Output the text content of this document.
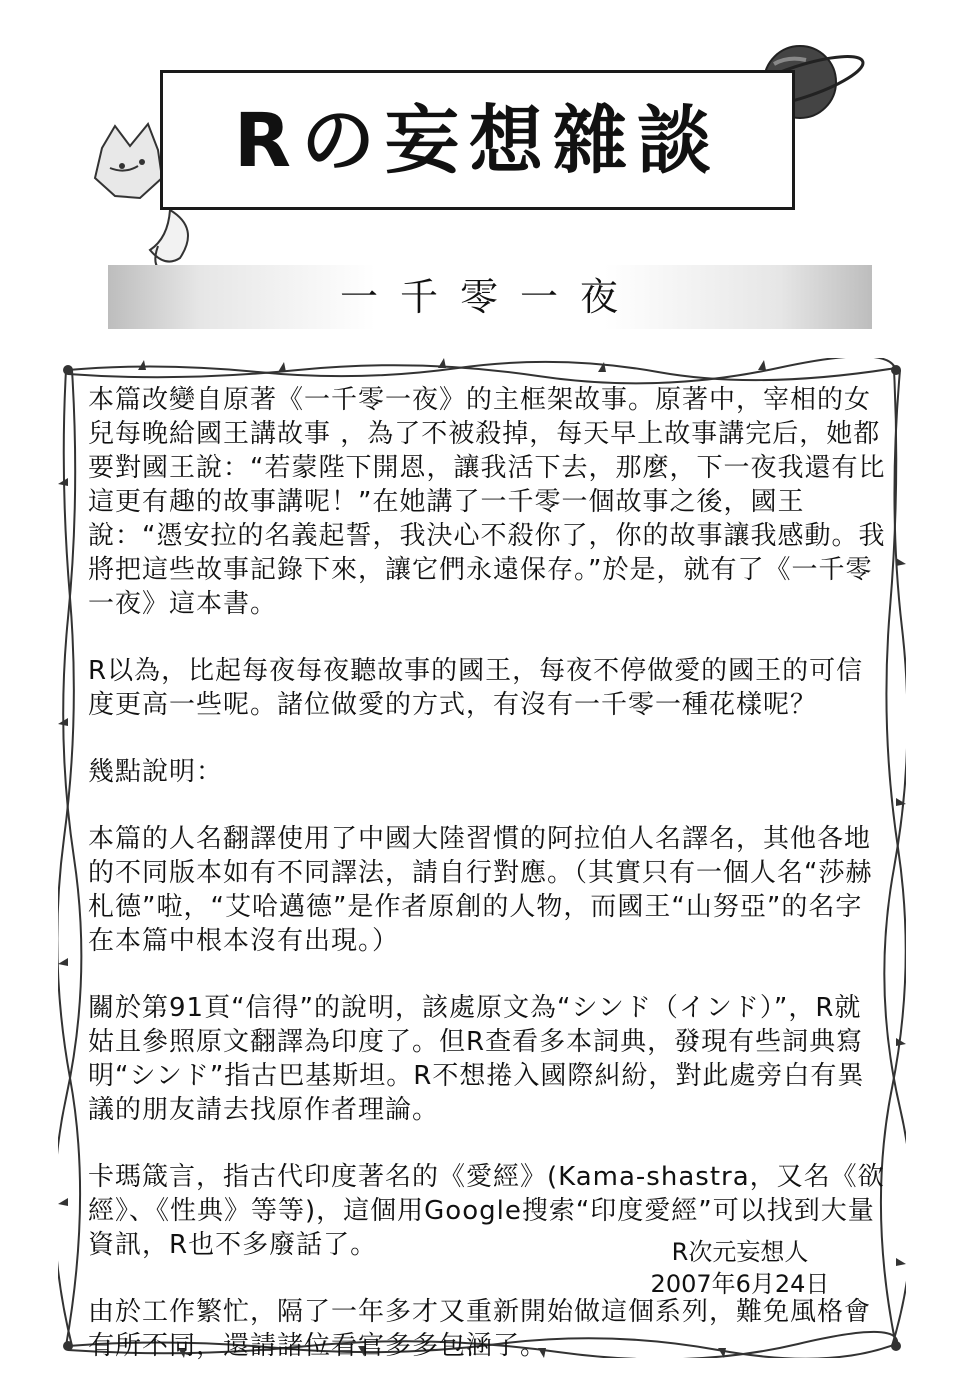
Rの妄想雜談
一千零一夜

本篇改變自原著《一千零一夜》的主框架故事。原著中，宰相的女兒每晚給國王講故事 ，為了不被殺掉，每天早上故事講完后，她都要對國王說：“若蒙陛下開恩，讓我活下去，那麼，下一夜我還有比這更有趣的故事講呢！”在她講了一千零一個故事之後，國王說：“憑安拉的名義起誓，我決心不殺你了，你的故事讓我感動。我將把這些故事記錄下來，讓它們永遠保存。”於是，就有了《一千零一夜》這本書。

R以為，比起每夜每夜聽故事的國王，每夜不停做愛的國王的可信度更高一些呢。諸位做愛的方式，有沒有一千零一種花樣呢？

幾點說明：

本篇的人名翻譯使用了中國大陸習慣的阿拉伯人名譯名，其他各地的不同版本如有不同譯法，請自行對應。（其實只有一個人名“莎赫札德”啦，“艾哈邁德”是作者原創的人物，而國王“山努亞”的名字在本篇中根本沒有出現。）

關於第91頁“信得”的說明，該處原文為“シンド（インド）”，R就姑且參照原文翻譯為印度了。但R查看多本詞典，發現有些詞典寫明“シンド”指古巴基斯坦。R不想捲入國際糾紛，對此處旁白有異議的朋友請去找原作者理論。

卡瑪箴言，指古代印度著名的《愛經》(Kama-shastra，又名《欲經》、《性典》等等)，這個用Google搜索“印度愛經”可以找到大量資訊，R也不多廢話了。

由於工作繁忙，隔了一年多才又重新開始做這個系列，難免風格會有所不同，還請諸位看官多多包涵了。

R次元妄想人
2007年6月24日
